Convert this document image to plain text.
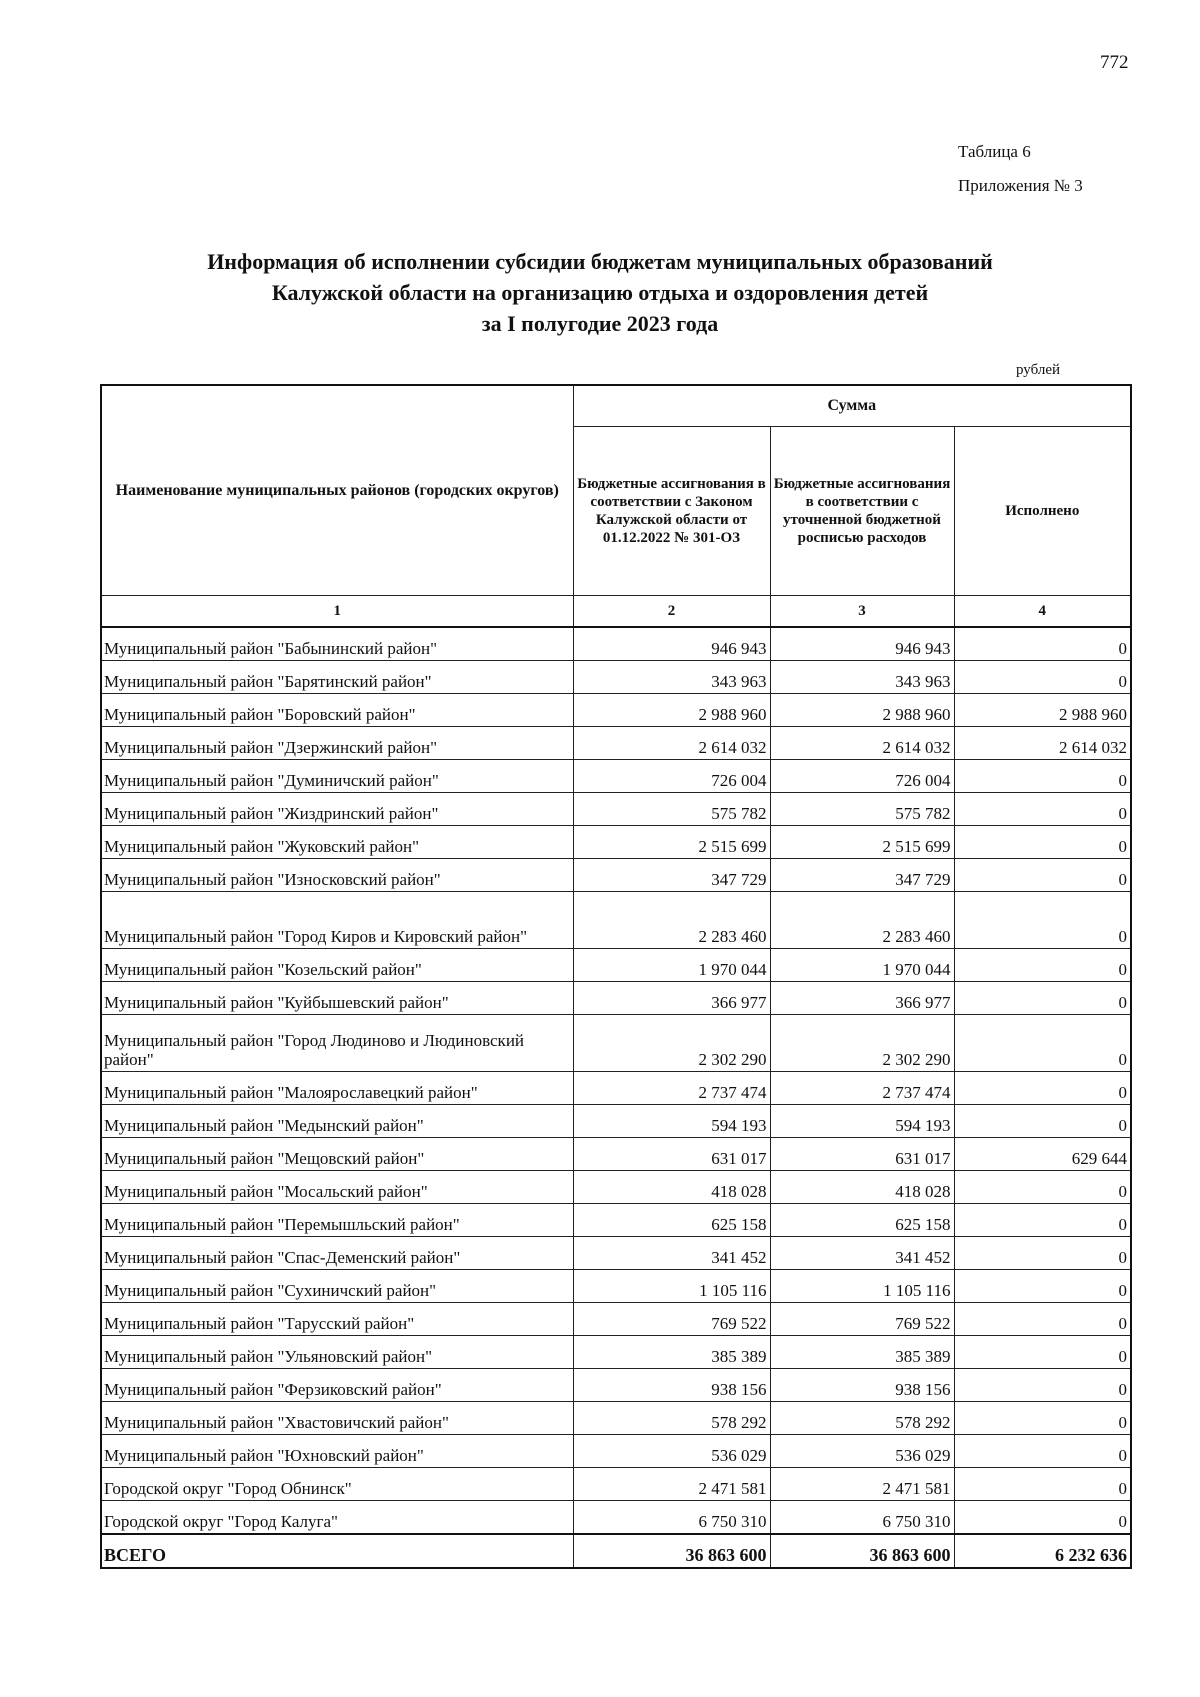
772
Таблица 6
Приложения № 3
Информация об исполнении субсидии бюджетам муниципальных образований
Калужской области на организацию отдыха и оздоровления детей
за I полугодие 2023 года
рублей
Наименование муниципальных районов (городских округов)	Сумма		
	Бюджетные ассигнования в соответствии с Законом Калужской области от 01.12.2022 № 301-ОЗ	Бюджетные ассигнования в соответствии с уточненной бюджетной росписью расходов	Исполнено
1	2	3	4
Муниципальный район "Бабынинский район"	946 943	946 943	0
Муниципальный район "Барятинский район"	343 963	343 963	0
Муниципальный район "Боровский район"	2 988 960	2 988 960	2 988 960
Муниципальный район "Дзержинский район"	2 614 032	2 614 032	2 614 032
Муниципальный район "Думиничский район"	726 004	726 004	0
Муниципальный район "Жиздринский район"	575 782	575 782	0
Муниципальный район "Жуковский район"	2 515 699	2 515 699	0
Муниципальный район "Износковский район"	347 729	347 729	0
Муниципальный район "Город Киров и Кировский район"	2 283 460	2 283 460	0
Муниципальный район "Козельский район"	1 970 044	1 970 044	0
Муниципальный район "Куйбышевский район"	366 977	366 977	0
Муниципальный район "Город Людиново и Людиновский район"	2 302 290	2 302 290	0
Муниципальный район "Малоярославецкий район"	2 737 474	2 737 474	0
Муниципальный район "Медынский район"	594 193	594 193	0
Муниципальный район "Мещовский район"	631 017	631 017	629 644
Муниципальный район "Мосальский район"	418 028	418 028	0
Муниципальный район "Перемышльский район"	625 158	625 158	0
Муниципальный район "Спас-Деменский район"	341 452	341 452	0
Муниципальный район "Сухиничский район"	1 105 116	1 105 116	0
Муниципальный район "Тарусский район"	769 522	769 522	0
Муниципальный район "Ульяновский район"	385 389	385 389	0
Муниципальный район "Ферзиковский район"	938 156	938 156	0
Муниципальный район "Хвастовичский район"	578 292	578 292	0
Муниципальный район "Юхновский район"	536 029	536 029	0
Городской округ "Город Обнинск"	2 471 581	2 471 581	0
Городской округ "Город Калуга"	6 750 310	6 750 310	0
ВСЕГО	36 863 600	36 863 600	6 232 636
